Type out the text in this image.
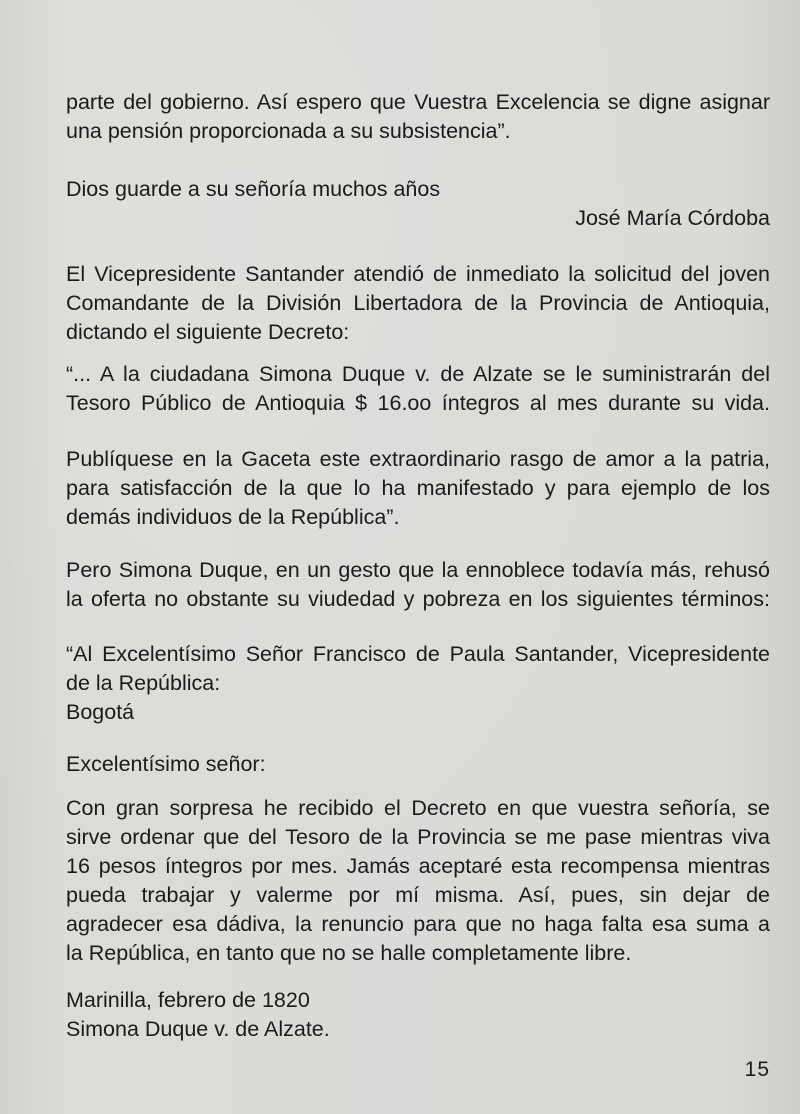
parte del gobierno. Así espero que Vuestra Excelencia se digne asignar
una pensión proporcionada a su subsistencia”.
Dios guarde a su señoría muchos años
José María Córdoba
El Vicepresidente Santander atendió de inmediato la solicitud del joven
Comandante de la División Libertadora de la Provincia de Antioquia,
dictando el siguiente Decreto:
“... A la ciudadana Simona Duque v. de Alzate se le suministrarán del
Tesoro Público de Antioquia $ 16.oo íntegros al mes durante su vida.
Publíquese en la Gaceta este extraordinario rasgo de amor a la patria,
para satisfacción de la que lo ha manifestado y para ejemplo de los
demás individuos de la República”.
Pero Simona Duque, en un gesto que la ennoblece todavía más, rehusó
la oferta no obstante su viudedad y pobreza en los siguientes términos:
“Al Excelentísimo Señor Francisco de Paula Santander, Vicepresidente
de la República:
Bogotá
Excelentísimo señor:
Con gran sorpresa he recibido el Decreto en que vuestra señoría, se
sirve ordenar que del Tesoro de la Provincia se me pase mientras viva
16 pesos íntegros por mes. Jamás aceptaré esta recompensa mientras
pueda trabajar y valerme por mí misma. Así, pues, sin dejar de
agradecer esa dádiva, la renuncio para que no haga falta esa suma a
la República, en tanto que no se halle completamente libre.
Marinilla, febrero de 1820
Simona Duque v. de Alzate.
15
